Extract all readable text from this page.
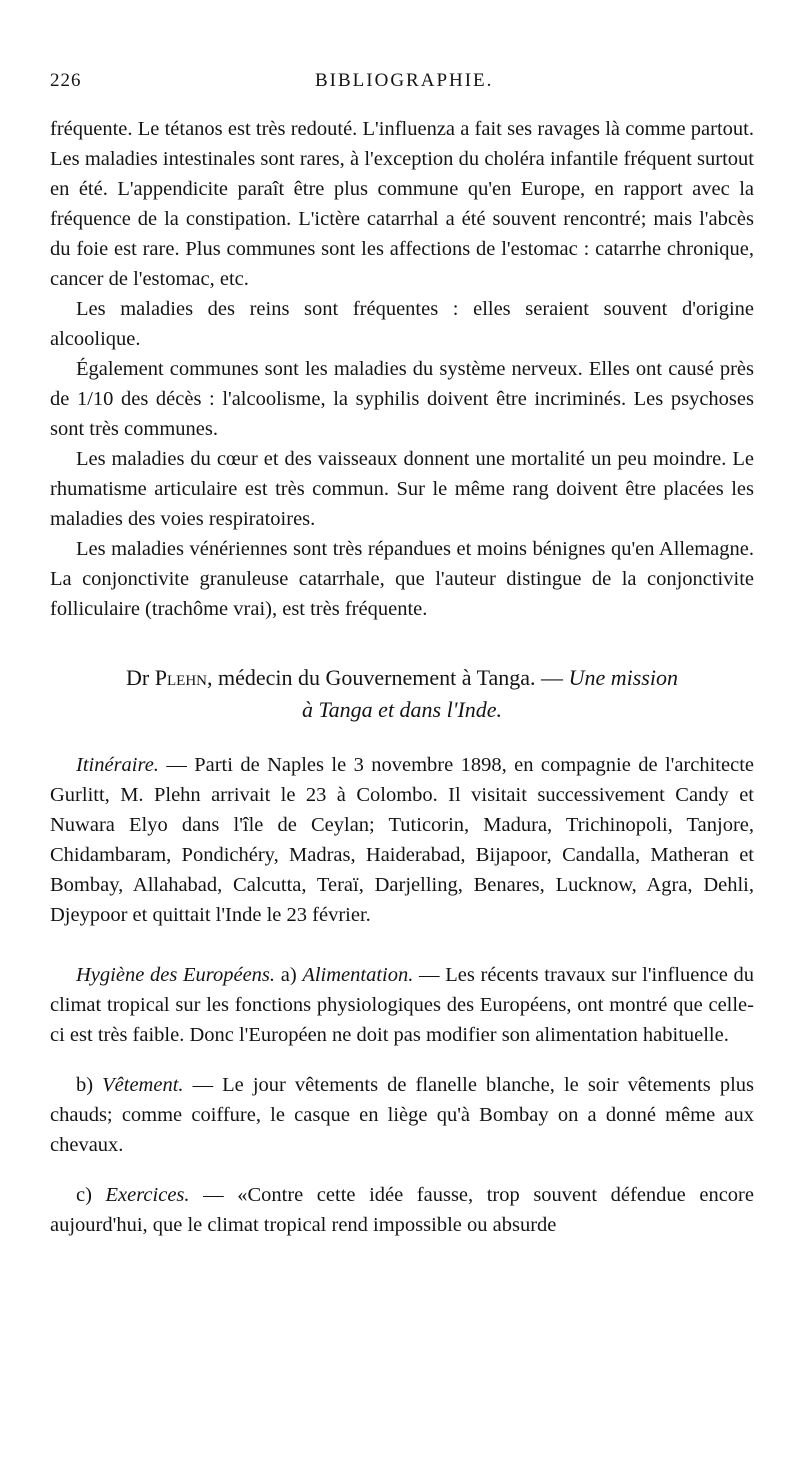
226	BIBLIOGRAPHIE.

fréquente. Le tétanos est très redouté. L'influenza a fait ses ravages là comme partout. Les maladies intestinales sont rares, à l'exception du choléra infantile fréquent surtout en été. L'appendicite paraît être plus commune qu'en Europe, en rapport avec la fréquence de la constipation. L'ictère catarrhal a été souvent rencontré; mais l'abcès du foie est rare. Plus communes sont les affections de l'estomac : catarrhe chronique, cancer de l'estomac, etc.

Les maladies des reins sont fréquentes : elles seraient souvent d'origine alcoolique.

Également communes sont les maladies du système nerveux. Elles ont causé près de 1/10 des décès : l'alcoolisme, la syphilis doivent être incriminés. Les psychoses sont très communes.

Les maladies du cœur et des vaisseaux donnent une mortalité un peu moindre. Le rhumatisme articulaire est très commun. Sur le même rang doivent être placées les maladies des voies respiratoires.

Les maladies vénériennes sont très répandues et moins bénignes qu'en Allemagne. La conjonctivite granuleuse catarrhale, que l'auteur distingue de la conjonctivite folliculaire (trachôme vrai), est très fréquente.

Dr Plehn, médecin du Gouvernement à Tanga. — Une mission
à Tanga et dans l'Inde.

Itinéraire. — Parti de Naples le 3 novembre 1898, en compagnie de l'architecte Gurlitt, M. Plehn arrivait le 23 à Colombo. Il visitait successivement Candy et Nuwara Elyo dans l'île de Ceylan; Tuticorin, Madura, Trichinopoli, Tanjore, Chidambaram, Pondichéry, Madras, Haiderabad, Bijapoor, Candalla, Matheran et Bombay, Allahabad, Calcutta, Teraï, Darjelling, Benares, Lucknow, Agra, Dehli, Djeypoor et quittait l'Inde le 23 février.

Hygiène des Européens. a) Alimentation. — Les récents travaux sur l'influence du climat tropical sur les fonctions physiologiques des Européens, ont montré que celle-ci est très faible. Donc l'Européen ne doit pas modifier son alimentation habituelle.

b) Vêtement. — Le jour vêtements de flanelle blanche, le soir vêtements plus chauds; comme coiffure, le casque en liège qu'à Bombay on a donné même aux chevaux.

c) Exercices. — «Contre cette idée fausse, trop souvent défendue encore aujourd'hui, que le climat tropical rend impossible ou absurde
